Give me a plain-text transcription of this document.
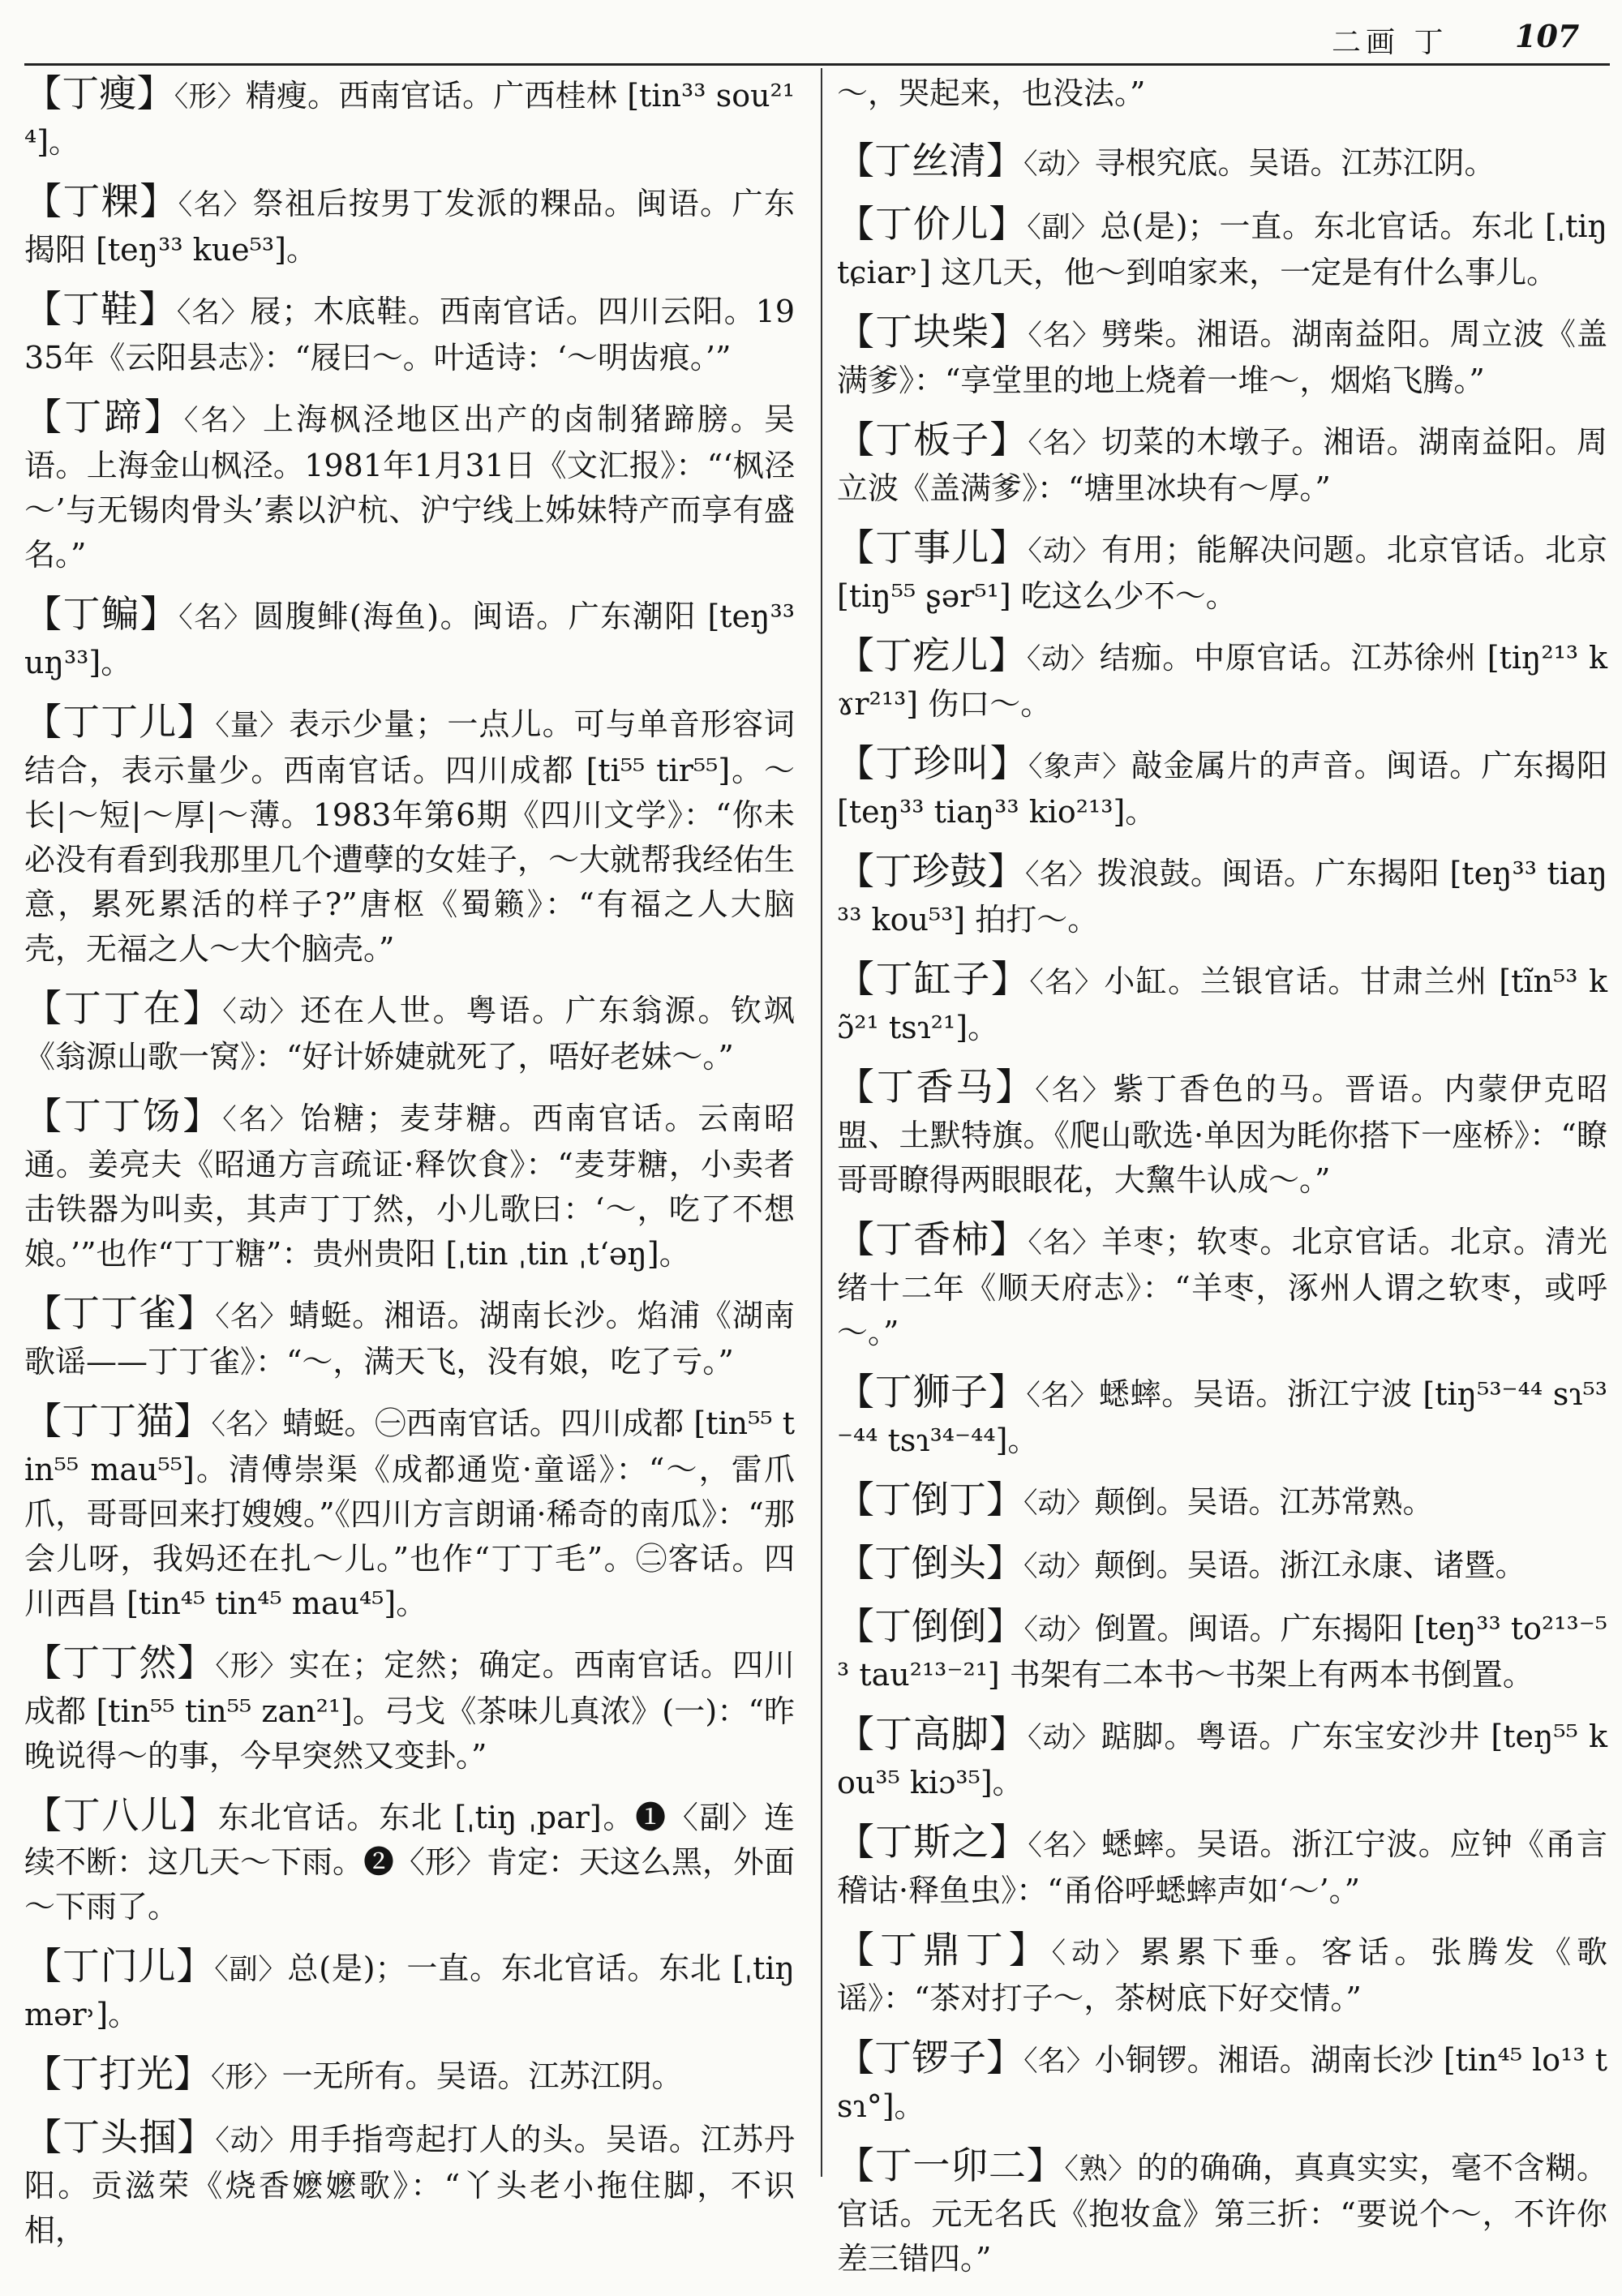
二画 丁 107
【丁瘦】〈形〉精瘦。西南官话。广西桂林 [tin³³ sou²¹⁴]。
【丁粿】〈名〉祭祖后按男丁发派的粿品。闽语。广东揭阳 [teŋ³³ kue⁵³]。
【丁鞋】〈名〉屐；木底鞋。西南官话。四川云阳。1935年《云阳县志》：“屐曰～。叶适诗：‘～明齿痕。’”
【丁蹄】〈名〉上海枫泾地区出产的卤制猪蹄膀。吴语。上海金山枫泾。1981年1月31日《文汇报》：“‘枫泾～’与无锡肉骨头’素以沪杭、沪宁线上姊妹特产而享有盛名。”
【丁鳊】〈名〉圆腹鲱(海鱼)。闽语。广东潮阳 [teŋ³³ uŋ³³]。
【丁丁儿】〈量〉表示少量；一点儿。可与单音形容词结合，表示量少。西南官话。四川成都 [ti⁵⁵ tir⁵⁵]。～长|～短|～厚|～薄。1983年第6期《四川文学》：“你未必没有看到我那里几个遭孽的女娃子，～大就帮我经佑生意，累死累活的样子?”唐枢《蜀籁》：“有福之人大脑壳，无福之人～大个脑壳。”
【丁丁在】〈动〉还在人世。粤语。广东翁源。钦飒《翁源山歌一窝》：“好计娇婕就死了，唔好老妹～。”
【丁丁饧】〈名〉饴糖；麦芽糖。西南官话。云南昭通。姜亮夫《昭通方言疏证·释饮食》：“麦芽糖，小卖者击铁器为叫卖，其声丁丁然，小儿歌曰：‘～，吃了不想娘。’”也作“丁丁糖”：贵州贵阳 [ˌtin ˌtin ˌtʻəŋ]。
【丁丁雀】〈名〉蜻蜓。湘语。湖南长沙。焰浦《湖南歌谣——丁丁雀》：“～，满天飞，没有娘，吃了亏。”
【丁丁猫】〈名〉蜻蜓。㊀西南官话。四川成都 [tin⁵⁵ tin⁵⁵ mau⁵⁵]。清傅崇渠《成都通览·童谣》：“～，雷爪爪，哥哥回来打嫂嫂。”《四川方言朗诵·稀奇的南瓜》：“那会儿呀，我妈还在扎～儿。”也作“丁丁毛”。㊁客话。四川西昌 [tin⁴⁵ tin⁴⁵ mau⁴⁵]。
【丁丁然】〈形〉实在；定然；确定。西南官话。四川成都 [tin⁵⁵ tin⁵⁵ zan²¹]。弓戈《茶味儿真浓》(一)：“昨晚说得～的事，今早突然又变卦。”
【丁八儿】东北官话。东北 [ˌtiŋ ˌpar]。❶〈副〉连续不断：这几天～下雨。❷〈形〉肯定：天这么黑，外面～下雨了。
【丁门儿】〈副〉总(是)；一直。东北官话。东北 [ˌtiŋ mər˒]。
【丁打光】〈形〉一无所有。吴语。江苏江阴。
【丁头掴】〈动〉用手指弯起打人的头。吴语。江苏丹阳。贡滋荣《烧香嬷嬷歌》：“丫头老小拖住脚，不识相，
～，哭起来，也没法。”
【丁丝清】〈动〉寻根究底。吴语。江苏江阴。
【丁价儿】〈副〉总(是)；一直。东北官话。东北 [ˌtiŋ tɕiar˒] 这几天，他～到咱家来，一定是有什么事儿。
【丁块柴】〈名〉劈柴。湘语。湖南益阳。周立波《盖满爹》：“享堂里的地上烧着一堆～，烟焰飞腾。”
【丁板子】〈名〉切菜的木墩子。湘语。湖南益阳。周立波《盖满爹》：“塘里冰块有～厚。”
【丁事儿】〈动〉有用；能解决问题。北京官话。北京 [tiŋ⁵⁵ ʂər⁵¹] 吃这么少不～。
【丁疙儿】〈动〉结痂。中原官话。江苏徐州 [tiŋ²¹³ kɤr²¹³] 伤口～。
【丁珍叫】〈象声〉敲金属片的声音。闽语。广东揭阳 [teŋ³³ tiaŋ³³ kio²¹³]。
【丁珍鼓】〈名〉拨浪鼓。闽语。广东揭阳 [teŋ³³ tiaŋ³³ kou⁵³] 拍打～。
【丁缸子】〈名〉小缸。兰银官话。甘肃兰州 [tĩn⁵³ kɔ̃²¹ tsɿ²¹]。
【丁香马】〈名〉紫丁香色的马。晋语。内蒙伊克昭盟、土默特旗。《爬山歌选·单因为眊你搭下一座桥》：“瞭哥哥瞭得两眼眼花，大黧牛认成～。”
【丁香柿】〈名〉羊枣；软枣。北京官话。北京。清光绪十二年《顺天府志》：“羊枣，涿州人谓之软枣，或呼～。”
【丁狮子】〈名〉蟋蟀。吴语。浙江宁波 [tiŋ⁵³⁻⁴⁴ sɿ⁵³⁻⁴⁴ tsɿ³⁴⁻⁴⁴]。
【丁倒丁】〈动〉颠倒。吴语。江苏常熟。
【丁倒头】〈动〉颠倒。吴语。浙江永康、诸暨。
【丁倒倒】〈动〉倒置。闽语。广东揭阳 [teŋ³³ to²¹³⁻⁵³ tau²¹³⁻²¹] 书架有二本书～书架上有两本书倒置。
【丁高脚】〈动〉踮脚。粤语。广东宝安沙井 [teŋ⁵⁵ kou³⁵ kiɔ³⁵]。
【丁斯之】〈名〉蟋蟀。吴语。浙江宁波。应钟《甬言稽诂·释鱼虫》：“甬俗呼蟋蟀声如‘～’。”
【丁鼎丁】〈动〉累累下垂。客话。张腾发《歌谣》：“茶对打子～，茶树底下好交情。”
【丁锣子】〈名〉小铜锣。湘语。湖南长沙 [tin⁴⁵ lo¹³ tsɿ°]。
【丁一卯二】〈熟〉的的确确，真真实实，毫不含糊。官话。元无名氏《抱妆盒》第三折：“要说个～，不许你差三错四。”
